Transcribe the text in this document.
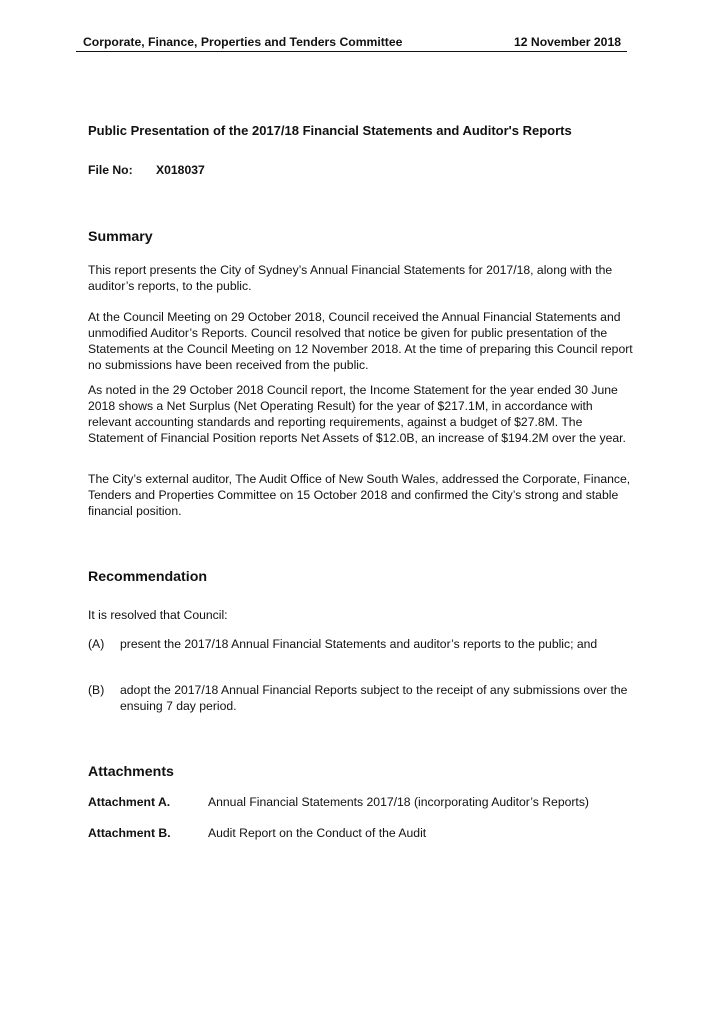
Corporate, Finance, Properties and Tenders Committee	12 November 2018
Public Presentation of the 2017/18 Financial Statements and Auditor's Reports
File No: X018037
Summary

This report presents the City of Sydney’s Annual Financial Statements for 2017/18, along with the auditor’s reports, to the public.

At the Council Meeting on 29 October 2018, Council received the Annual Financial Statements and unmodified Auditor’s Reports. Council resolved that notice be given for public presentation of the Statements at the Council Meeting on 12 November 2018. At the time of preparing this Council report no submissions have been received from the public.

As noted in the 29 October 2018 Council report, the Income Statement for the year ended 30 June 2018 shows a Net Surplus (Net Operating Result) for the year of $217.1M, in accordance with relevant accounting standards and reporting requirements, against a budget of $27.8M. The Statement of Financial Position reports Net Assets of $12.0B, an increase of $194.2M over the year.

The City’s external auditor, The Audit Office of New South Wales, addressed the Corporate, Finance, Tenders and Properties Committee on 15 October 2018 and confirmed the City’s strong and stable financial position.

Recommendation
It is resolved that Council:
(A) present the 2017/18 Annual Financial Statements and auditor’s reports to the public; and
(B) adopt the 2017/18 Annual Financial Reports subject to the receipt of any submissions over the ensuing 7 day period.
Attachments
Attachment A.	Annual Financial Statements 2017/18 (incorporating Auditor’s Reports)
Attachment B.	Audit Report on the Conduct of the Audit
